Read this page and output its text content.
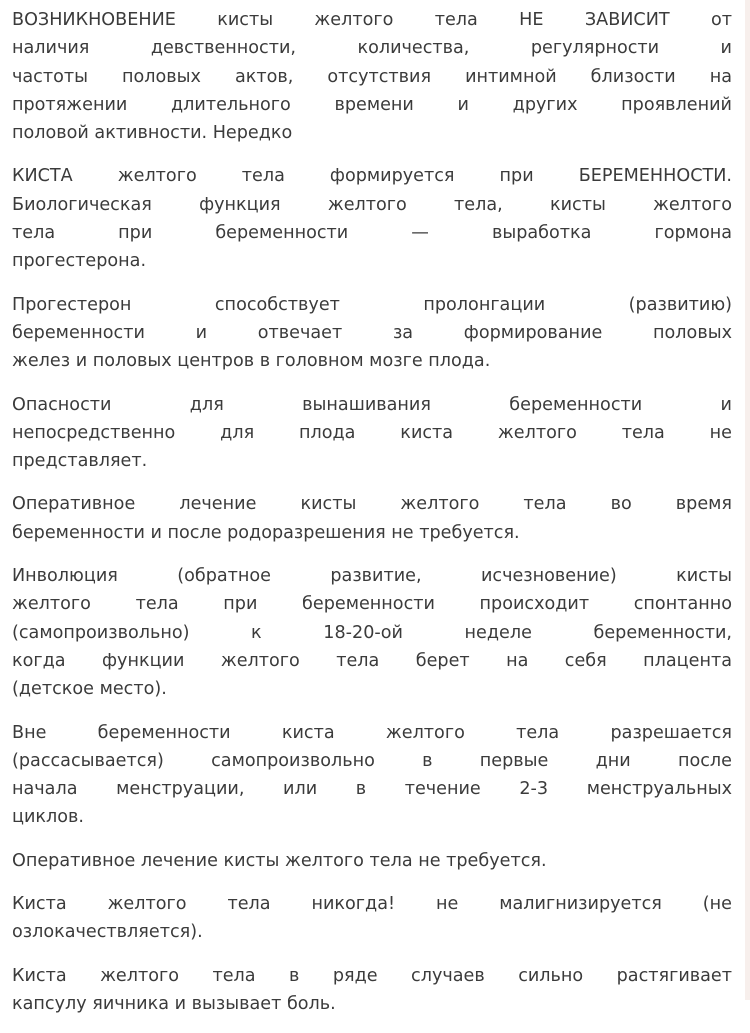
ВОЗНИКНОВЕНИЕ кисты желтого тела НЕ ЗАВИСИТ от
наличия девственности, количества, регулярности и
частоты половых актов, отсутствия интимной близости на
протяжении длительного времени и других проявлений
половой активности. Нередко

КИСТА желтого тела формируется при БЕРЕМЕННОСТИ.
Биологическая функция желтого тела, кисты желтого
тела при беременности — выработка гормона
прогестерона.

Прогестерон способствует пролонгации (развитию)
беременности и отвечает за формирование половых
желез и половых центров в головном мозге плода.

Опасности для вынашивания беременности и
непосредственно для плода киста желтого тела не
представляет.

Оперативное лечение кисты желтого тела во время
беременности и после родоразрешения не требуется.

Инволюция (обратное развитие, исчезновение) кисты
желтого тела при беременности происходит спонтанно
(самопроизвольно) к 18-20-ой неделе беременности,
когда функции желтого тела берет на себя плацента
(детское место).

Вне беременности киста желтого тела разрешается
(рассасывается) самопроизвольно в первые дни после
начала менструации, или в течение 2-3 менструальных
циклов.

Оперативное лечение кисты желтого тела не требуется.

Киста желтого тела никогда! не малигнизируется (не
озлокачествляется).

Киста желтого тела в ряде случаев сильно растягивает
капсулу яичника и вызывает боль.
